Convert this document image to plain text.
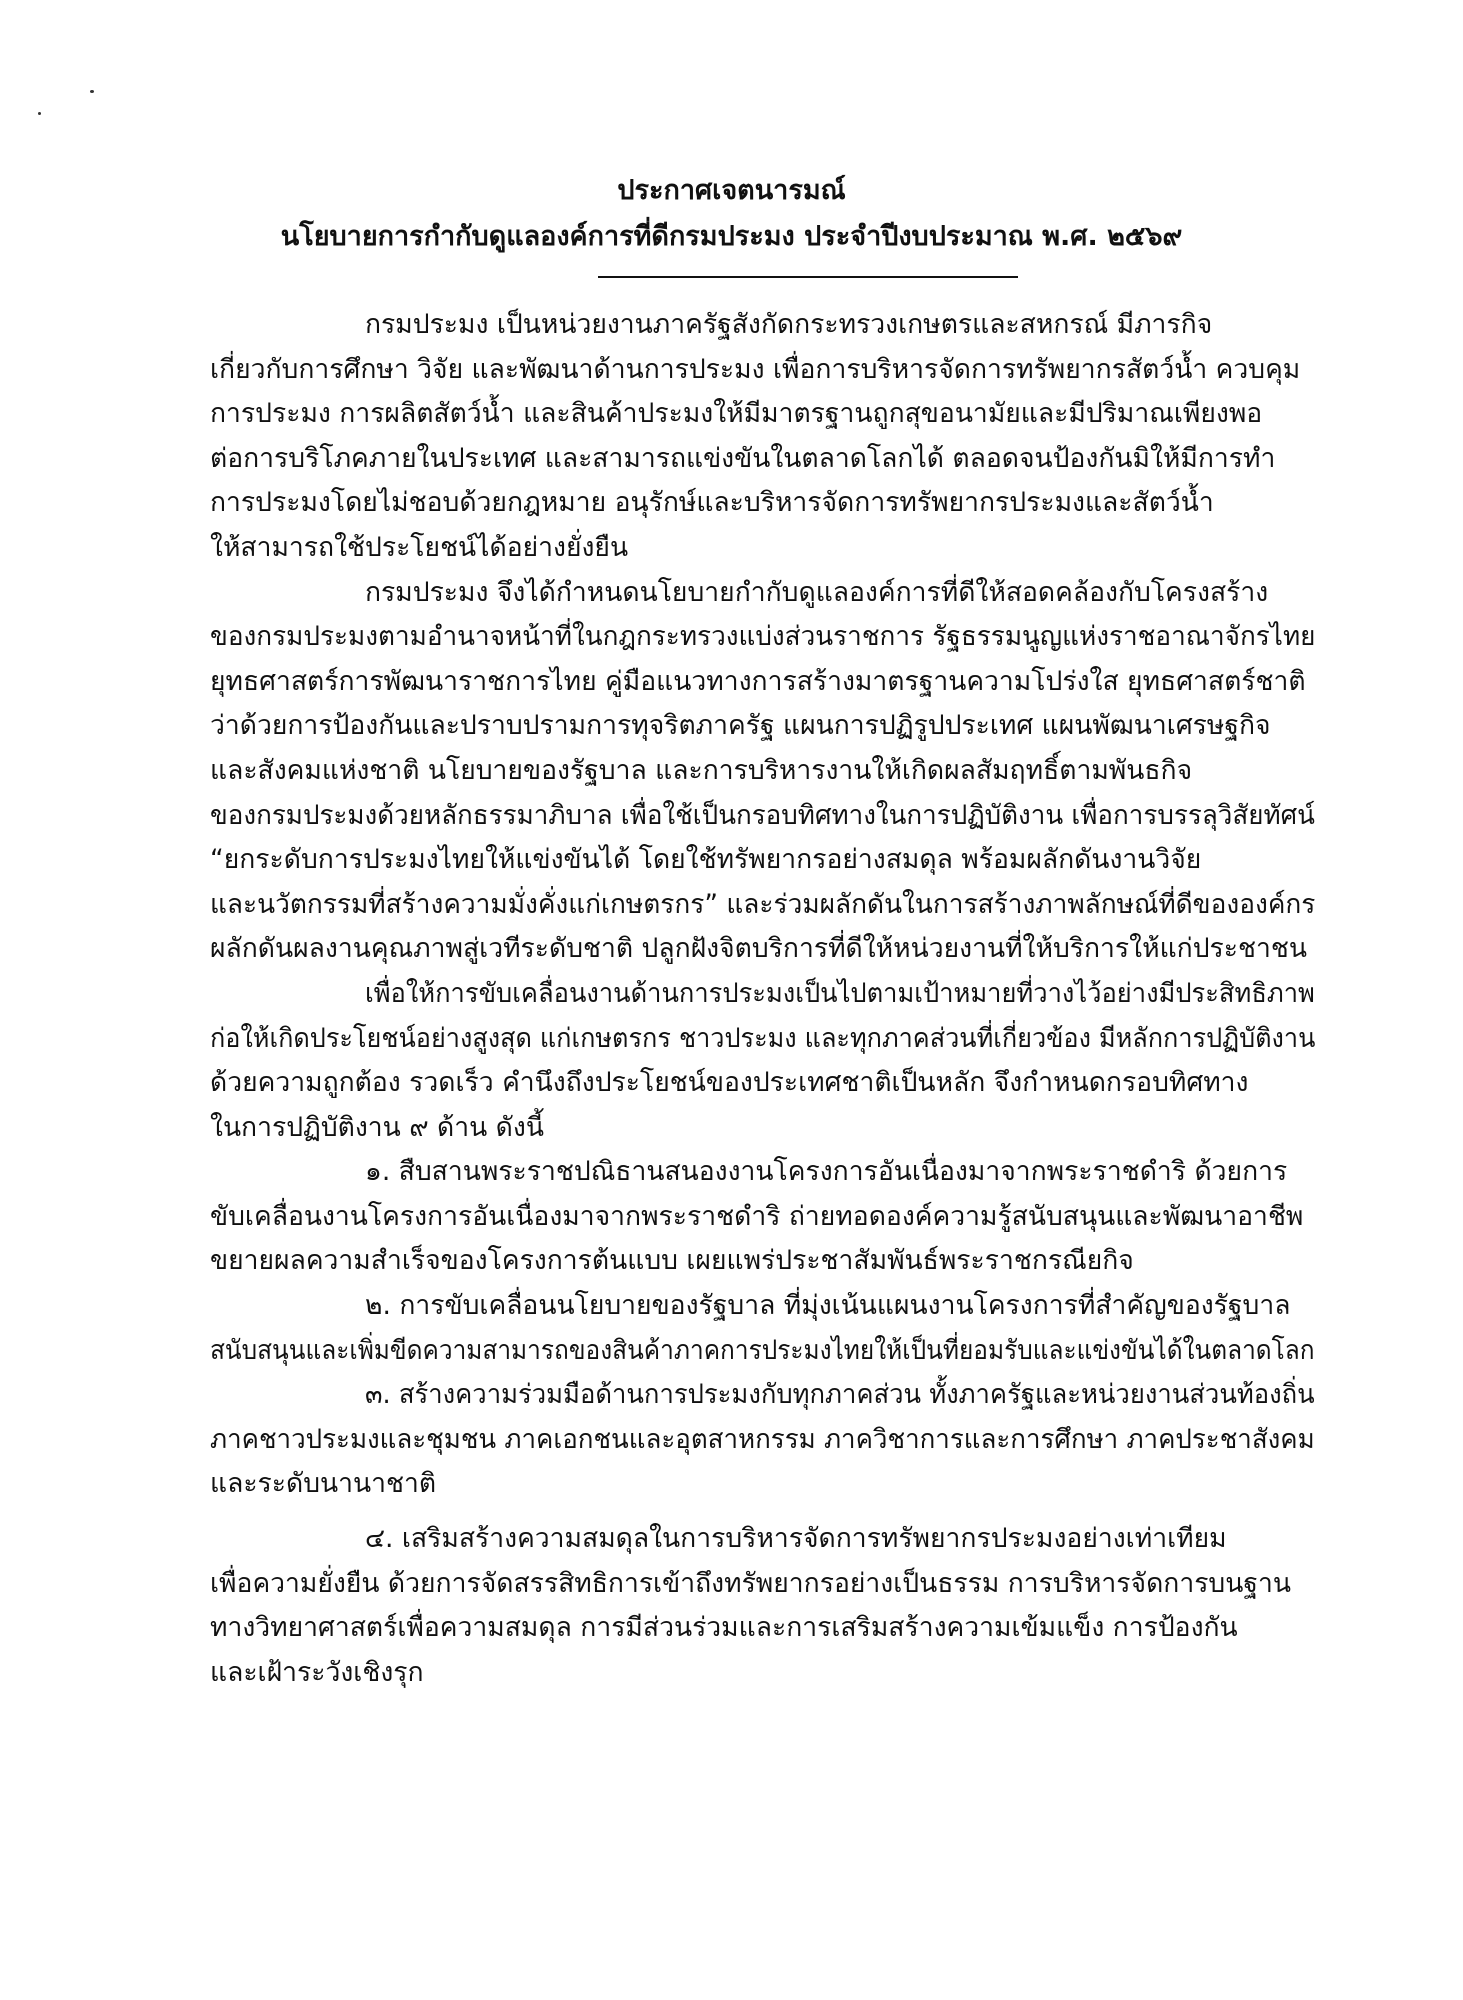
ประกาศเจตนารมณ์

นโยบายการกำกับดูแลองค์การที่ดีกรมประมง ประจำปีงบประมาณ พ.ศ. ๒๕๖๙

กรมประมง เป็นหน่วยงานภาครัฐสังกัดกระทรวงเกษตรและสหกรณ์ มีภารกิจ
เกี่ยวกับการศึกษา วิจัย และพัฒนาด้านการประมง เพื่อการบริหารจัดการทรัพยากรสัตว์น้ำ ควบคุม
การประมง การผลิตสัตว์น้ำ และสินค้าประมงให้มีมาตรฐานถูกสุขอนามัยและมีปริมาณเพียงพอ
ต่อการบริโภคภายในประเทศ และสามารถแข่งขันในตลาดโลกได้ ตลอดจนป้องกันมิให้มีการทำ
การประมงโดยไม่ชอบด้วยกฎหมาย อนุรักษ์และบริหารจัดการทรัพยากรประมงและสัตว์น้ำ
ให้สามารถใช้ประโยชน์ได้อย่างยั่งยืน

กรมประมง จึงได้กำหนดนโยบายกำกับดูแลองค์การที่ดีให้สอดคล้องกับโครงสร้าง
ของกรมประมงตามอำนาจหน้าที่ในกฎกระทรวงแบ่งส่วนราชการ รัฐธรรมนูญแห่งราชอาณาจักรไทย
ยุทธศาสตร์การพัฒนาราชการไทย คู่มือแนวทางการสร้างมาตรฐานความโปร่งใส ยุทธศาสตร์ชาติ
ว่าด้วยการป้องกันและปราบปรามการทุจริตภาครัฐ แผนการปฏิรูปประเทศ แผนพัฒนาเศรษฐกิจ
และสังคมแห่งชาติ นโยบายของรัฐบาล และการบริหารงานให้เกิดผลสัมฤทธิ์ตามพันธกิจ
ของกรมประมงด้วยหลักธรรมาภิบาล เพื่อใช้เป็นกรอบทิศทางในการปฏิบัติงาน เพื่อการบรรลุวิสัยทัศน์
“ยกระดับการประมงไทยให้แข่งขันได้ โดยใช้ทรัพยากรอย่างสมดุล พร้อมผลักดันงานวิจัย
และนวัตกรรมที่สร้างความมั่งคั่งแก่เกษตรกร” และร่วมผลักดันในการสร้างภาพลักษณ์ที่ดีขององค์กร
ผลักดันผลงานคุณภาพสู่เวทีระดับชาติ ปลูกฝังจิตบริการที่ดีให้หน่วยงานที่ให้บริการให้แก่ประชาชน

เพื่อให้การขับเคลื่อนงานด้านการประมงเป็นไปตามเป้าหมายที่วางไว้อย่างมีประสิทธิภาพ
ก่อให้เกิดประโยชน์อย่างสูงสุด แก่เกษตรกร ชาวประมง และทุกภาคส่วนที่เกี่ยวข้อง มีหลักการปฏิบัติงาน
ด้วยความถูกต้อง รวดเร็ว คำนึงถึงประโยชน์ของประเทศชาติเป็นหลัก จึงกำหนดกรอบทิศทาง
ในการปฏิบัติงาน ๙ ด้าน ดังนี้

๑. สืบสานพระราชปณิธานสนองงานโครงการอันเนื่องมาจากพระราชดำริ ด้วยการ
ขับเคลื่อนงานโครงการอันเนื่องมาจากพระราชดำริ ถ่ายทอดองค์ความรู้สนับสนุนและพัฒนาอาชีพ
ขยายผลความสำเร็จของโครงการต้นแบบ เผยแพร่ประชาสัมพันธ์พระราชกรณียกิจ

๒. การขับเคลื่อนนโยบายของรัฐบาล ที่มุ่งเน้นแผนงานโครงการที่สำคัญของรัฐบาล
สนับสนุนและเพิ่มขีดความสามารถของสินค้าภาคการประมงไทยให้เป็นที่ยอมรับและแข่งขันได้ในตลาดโลก

๓. สร้างความร่วมมือด้านการประมงกับทุกภาคส่วน ทั้งภาครัฐและหน่วยงานส่วนท้องถิ่น
ภาคชาวประมงและชุมชน ภาคเอกชนและอุตสาหกรรม ภาควิชาการและการศึกษา ภาคประชาสังคม
และระดับนานาชาติ

๔. เสริมสร้างความสมดุลในการบริหารจัดการทรัพยากรประมงอย่างเท่าเทียม
เพื่อความยั่งยืน ด้วยการจัดสรรสิทธิการเข้าถึงทรัพยากรอย่างเป็นธรรม การบริหารจัดการบนฐาน
ทางวิทยาศาสตร์เพื่อความสมดุล การมีส่วนร่วมและการเสริมสร้างความเข้มแข็ง การป้องกัน
และเฝ้าระวังเชิงรุก
